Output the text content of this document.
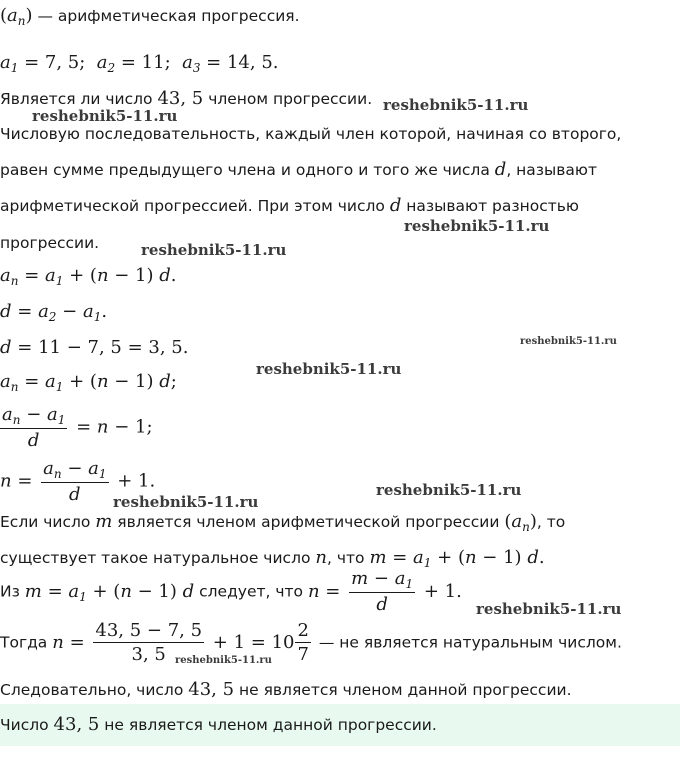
$(a_n)$ — арифметическая прогрессия.
$a_1 = 7$, 5;  $a_2 = 11$;  $a_3 = 14$, 5.
Является ли число 43, 5 членом прогрессии.
Числовую последовательность, каждый член которой, начиная со второго,
равен сумме предыдущего члена и одного и того же числа d, называют
арифметической прогрессией. При этом число d называют разностью
прогрессии.
$a_n = a_1 + (n - 1)$ d.
$d = a_2 - a_1$.
d = 11 − 7, 5 = 3, 5.
$a_n = a_1 + (n - 1)$ d;
$\frac{a_n - a_1}{d} = n - 1$;
$n = \frac{a_n - a_1}{d} + 1$.
Если число m является членом арифметической прогрессии $(a_n)$, то
существует такое натуральное число n, что $m = a_1 + (n - 1)$ d.
Из $m = a_1 + (n - 1)$ d следует, что $n = \frac{m - a_1}{d} + 1$.
Тогда $n = \frac{43, 5 - 7, 5}{3, 5} + 1 = 10 \frac{2}{7}$ — не является натуральным числом.
Следовательно, число 43, 5 не является членом данной прогрессии.
Число 43, 5 не является членом данной прогрессии.
reshebnik5-11.ru
reshebnik5-11.ru
reshebnik5-11.ru
reshebnik5-11.ru
reshebnik5-11.ru
reshebnik5-11.ru
reshebnik5-11.ru
reshebnik5-11.ru
reshebnik5-11.ru
reshebnik5-11.ru
